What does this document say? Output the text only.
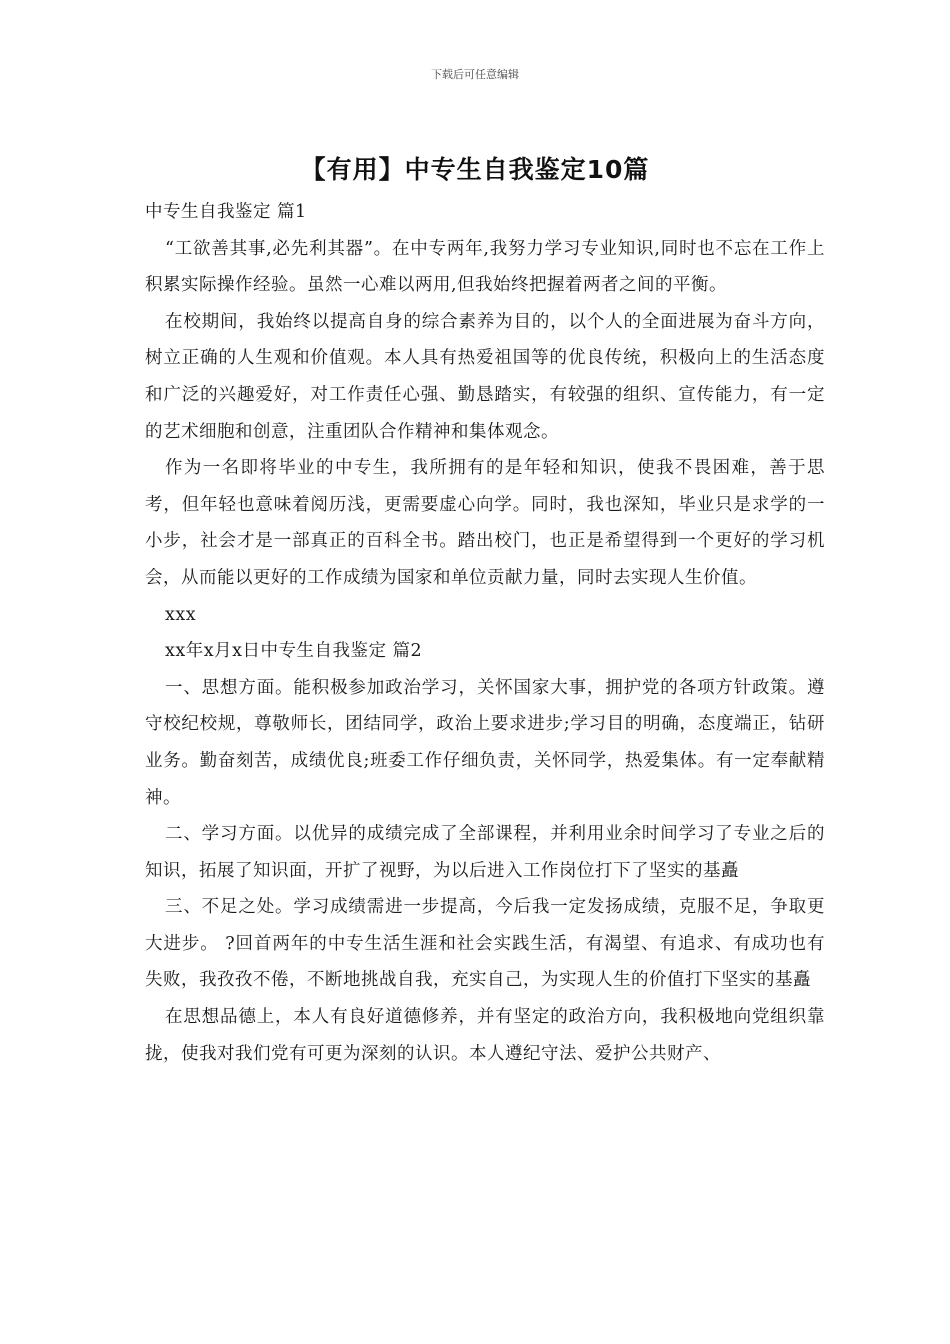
下载后可任意编辑
【有用】中专生自我鉴定10篇

中专生自我鉴定 篇1

“工欲善其事,必先利其器”。在中专两年,我努力学习专业知识,同时也不忘在工作上积累实际操作经验。虽然一心难以两用,但我始终把握着两者之间的平衡。

在校期间，我始终以提高自身的综合素养为目的，以个人的全面进展为奋斗方向，树立正确的人生观和价值观。本人具有热爱祖国等的优良传统，积极向上的生活态度和广泛的兴趣爱好，对工作责任心强、勤恳踏实，有较强的组织、宣传能力，有一定的艺术细胞和创意，注重团队合作精神和集体观念。

作为一名即将毕业的中专生，我所拥有的是年轻和知识，使我不畏困难，善于思考，但年轻也意味着阅历浅，更需要虚心向学。同时，我也深知，毕业只是求学的一小步，社会才是一部真正的百科全书。踏出校门，也正是希望得到一个更好的学习机会，从而能以更好的工作成绩为国家和单位贡献力量，同时去实现人生价值。

xxx

xx年x月x日中专生自我鉴定 篇2

一、思想方面。能积极参加政治学习，关怀国家大事，拥护党的各项方针政策。遵守校纪校规，尊敬师长，团结同学，政治上要求进步;学习目的明确，态度端正，钻研业务。勤奋刻苦，成绩优良;班委工作仔细负责，关怀同学，热爱集体。有一定奉献精神。

二、学习方面。以优异的成绩完成了全部课程，并利用业余时间学习了专业之后的知识，拓展了知识面，开扩了视野，为以后进入工作岗位打下了坚实的基矗

三、不足之处。学习成绩需进一步提高，今后我一定发扬成绩，克服不足，争取更大进步。 ?回首两年的中专生活生涯和社会实践生活，有渴望、有追求、有成功也有失败，我孜孜不倦，不断地挑战自我，充实自己，为实现人生的价值打下坚实的基矗

在思想品德上，本人有良好道德修养，并有坚定的政治方向，我积极地向党组织靠拢，使我对我们党有可更为深刻的认识。本人遵纪守法、爱护公共财产、
